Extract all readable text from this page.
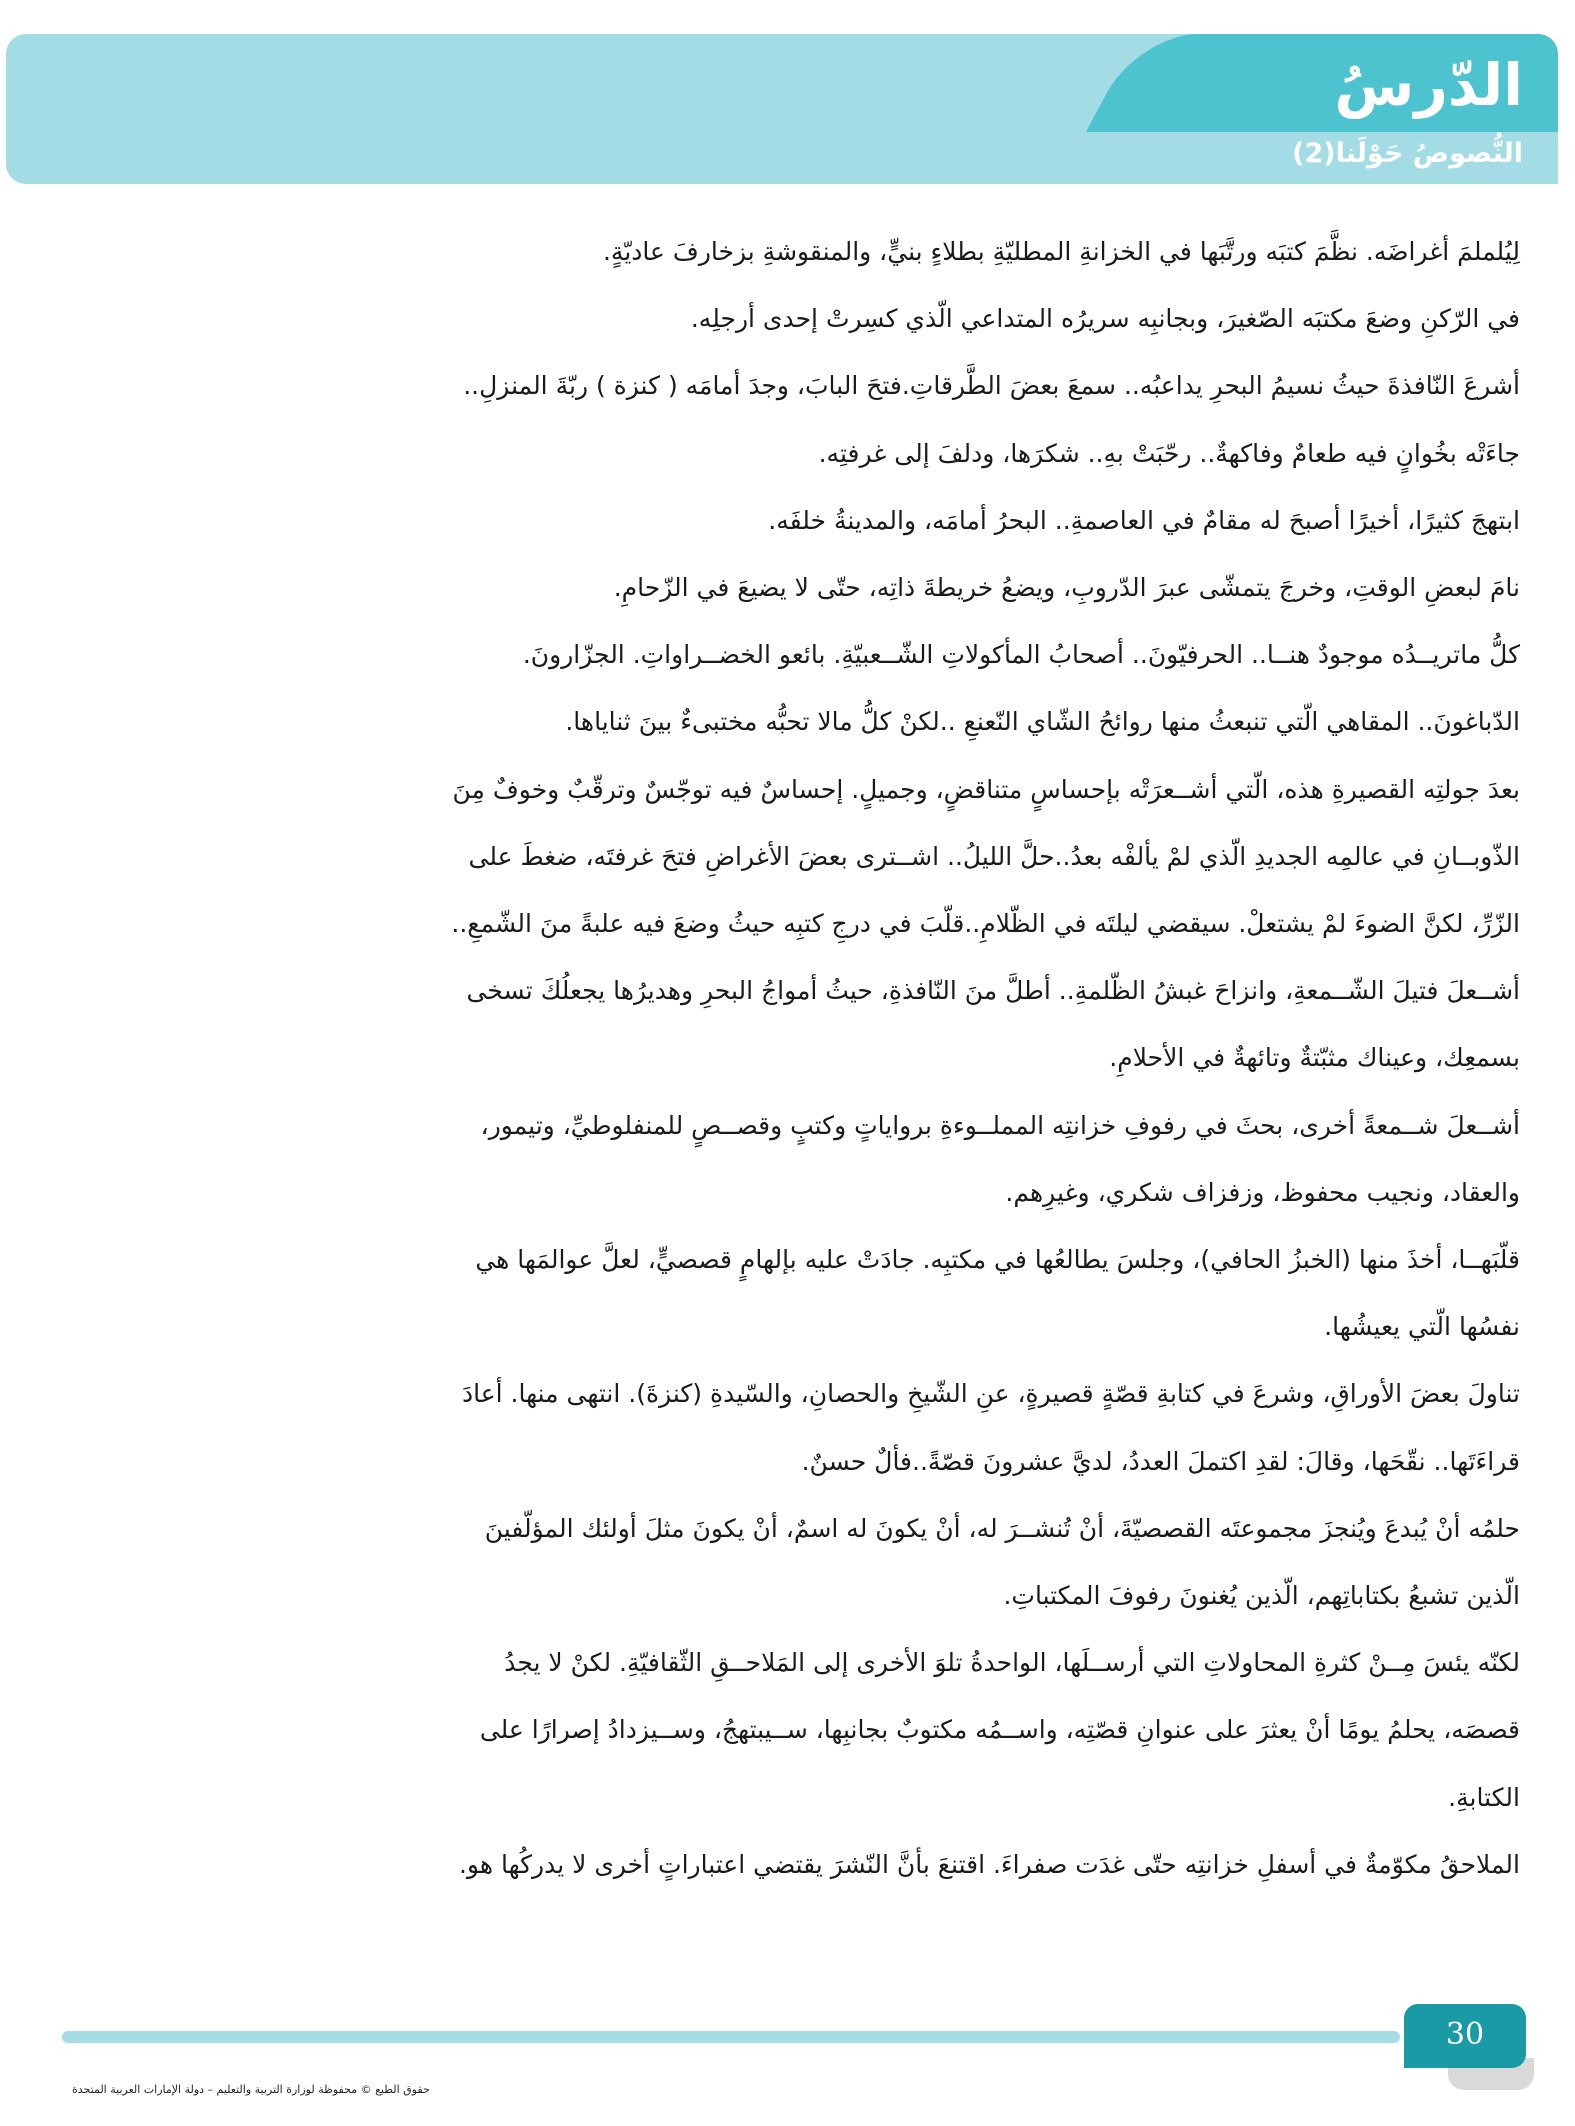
الدّرسُ
النُّصوصُ حَوْلَنا(2)

لِيُلملمَ أغراضَه. نظَّمَ كتبَه ورتَّبَها في الخزانةِ المطليّةِ بطلاءٍ بنيٍّ، والمنقوشةِ بزخارفَ عاديّةٍ.

في الرّكنِ وضعَ مكتبَه الصّغيرَ، وبجانبِه سريرُه المتداعي الّذي كسِرتْ إحدى أرجلِه.

أشرعَ النّافذةَ حيثُ نسيمُ البحرِ يداعبُه.. سمعَ بعضَ الطَّرقاتِ.فتحَ البابَ، وجدَ أمامَه ( كنزة ) ربّةَ المنزلِ..

جاءَتْه بخُوانٍ فيه طعامٌ وفاكهةٌ.. رحّبَتْ بهِ.. شكرَها، ودلفَ إلى غرفتِه.

ابتهجَ كثيرًا، أخيرًا أصبحَ له مقامٌ في العاصمةِ.. البحرُ أمامَه، والمدينةُ خلفَه.

نامَ لبعضِ الوقتِ، وخرجَ يتمشّى عبرَ الدّروبِ، ويضعُ خريطةَ ذاتِه، حتّى لا يضيعَ في الزّحامِ.

كلُّ ماتريــدُه موجودٌ هنــا.. الحرفيّونَ.. أصحابُ المأكولاتِ الشّــعبيّةِ. بائعو الخضــراواتِ. الجزّارونَ.

الدّباغونَ.. المقاهي الّتي تنبعثُ منها روائحُ الشّاي النّعنعِ ..لكنْ كلُّ مالا تحبُّه مختبىءٌ بينَ ثناياها.

بعدَ جولتِه القصيرةِ هذه، الّتي أشــعرَتْه بإحساسٍ متناقضٍ، وجميلٍ. إحساسٌ فيه توجّسٌ وترقّبٌ وخوفٌ مِنَ

الذّوبــانِ في عالمِه الجديدِ الّذي لمْ يألفْه بعدُ..حلَّ الليلُ.. اشــترى بعضَ الأغراضِ فتحَ غرفتَه، ضغطَ على

الزّرِّ، لكنَّ الضوءَ لمْ يشتعلْ. سيقضي ليلتَه في الظّلامِ..قلّبَ في درجِ كتبِه حيثُ وضعَ فيه علبةً منَ الشّمعِ..

أشــعلَ فتيلَ الشّــمعةِ، وانزاحَ غبشُ الظّلمةِ.. أطلَّ منَ النّافذةِ، حيثُ أمواجُ البحرِ وهديرُها يجعلُكَ تسخى

بسمعِك، وعيناك مثبّتةٌ وتائهةٌ في الأحلامِ.

أشــعلَ شــمعةً أخرى، بحثَ في رفوفِ خزانتِه المملــوءةِ برواياتٍ وكتبٍ وقصــصٍ للمنفلوطيِّ، وتيمور،

والعقاد، ونجيب محفوظ، وزفزاف شكري، وغيرِهم.

قلّبَهــا، أخذَ منها (الخبزُ الحافي)، وجلسَ يطالعُها في مكتبِه. جادَتْ عليه بإلهامٍ قصصيٍّ، لعلَّ عوالمَها هي

نفسُها الّتي يعيشُها.

تناولَ بعضَ الأوراقِ، وشرعَ في كتابةِ قصّةٍ قصيرةٍ، عنِ الشّيخِ والحصانِ، والسّيدةِ (كنزةَ). انتهى منها. أعادَ

قراءَتَها.. نقّحَها، وقالَ: لقدِ اكتملَ العددُ، لديَّ عشرونَ قصّةً..فألٌ حسنٌ.

حلمُه أنْ يُبدعَ ويُنجزَ مجموعتَه القصصيّةَ، أنْ تُنشــرَ له، أنْ يكونَ له اسمٌ، أنْ يكونَ مثلَ أولئك المؤلّفينَ

الّذين تشبعُ بكتاباتِهم، الّذين يُغنونَ رفوفَ المكتباتِ.

لكنّه يئسَ مِــنْ كثرةِ المحاولاتِ التي أرســلَها، الواحدةُ تلوَ الأخرى إلى المَلاحــقِ الثّقافيّةِ. لكنْ لا يجدُ

قصصَه، يحلمُ يومًا أنْ يعثرَ على عنوانِ قصّتِه، واســمُه مكتوبٌ بجانبِها، ســيبتهجُ، وســيزدادُ إصرارًا على

الكتابةِ.

الملاحقُ مكوّمةٌ في أسفلِ خزانتِه حتّى غدَت صفراءَ. اقتنعَ بأنَّ النّشرَ يقتضي اعتباراتٍ أخرى لا يدركُها هو.

30

حقوق الطبع © محفوظة لوزارة التربية والتعليم – دولة الإمارات العربية المتحدة
